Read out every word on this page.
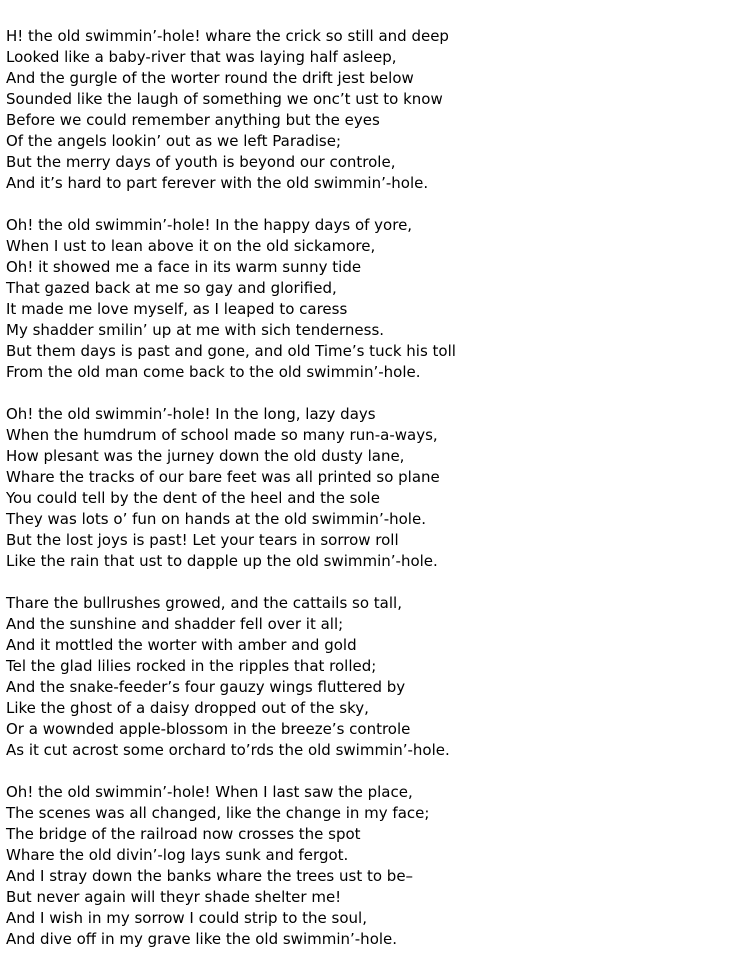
H! the old swimmin’-hole! whare the crick so still and deep
Looked like a baby-river that was laying half asleep,
And the gurgle of the worter round the drift jest below
Sounded like the laugh of something we onc’t ust to know
Before we could remember anything but the eyes
Of the angels lookin’ out as we left Paradise;
But the merry days of youth is beyond our controle,
And it’s hard to part ferever with the old swimmin’-hole.
Oh! the old swimmin’-hole! In the happy days of yore,
When I ust to lean above it on the old sickamore,
Oh! it showed me a face in its warm sunny tide
That gazed back at me so gay and glorified,
It made me love myself, as I leaped to caress
My shadder smilin’ up at me with sich tenderness.
But them days is past and gone, and old Time’s tuck his toll
From the old man come back to the old swimmin’-hole.
Oh! the old swimmin’-hole! In the long, lazy days
When the humdrum of school made so many run-a-ways,
How plesant was the jurney down the old dusty lane,
Whare the tracks of our bare feet was all printed so plane
You could tell by the dent of the heel and the sole
They was lots o’ fun on hands at the old swimmin’-hole.
But the lost joys is past! Let your tears in sorrow roll
Like the rain that ust to dapple up the old swimmin’-hole.
Thare the bullrushes growed, and the cattails so tall,
And the sunshine and shadder fell over it all;
And it mottled the worter with amber and gold
Tel the glad lilies rocked in the ripples that rolled;
And the snake-feeder’s four gauzy wings fluttered by
Like the ghost of a daisy dropped out of the sky,
Or a wownded apple-blossom in the breeze’s controle
As it cut acrost some orchard to’rds the old swimmin’-hole.
Oh! the old swimmin’-hole! When I last saw the place,
The scenes was all changed, like the change in my face;
The bridge of the railroad now crosses the spot
Whare the old divin’-log lays sunk and fergot.
And I stray down the banks whare the trees ust to be–
But never again will theyr shade shelter me!
And I wish in my sorrow I could strip to the soul,
And dive off in my grave like the old swimmin’-hole.
